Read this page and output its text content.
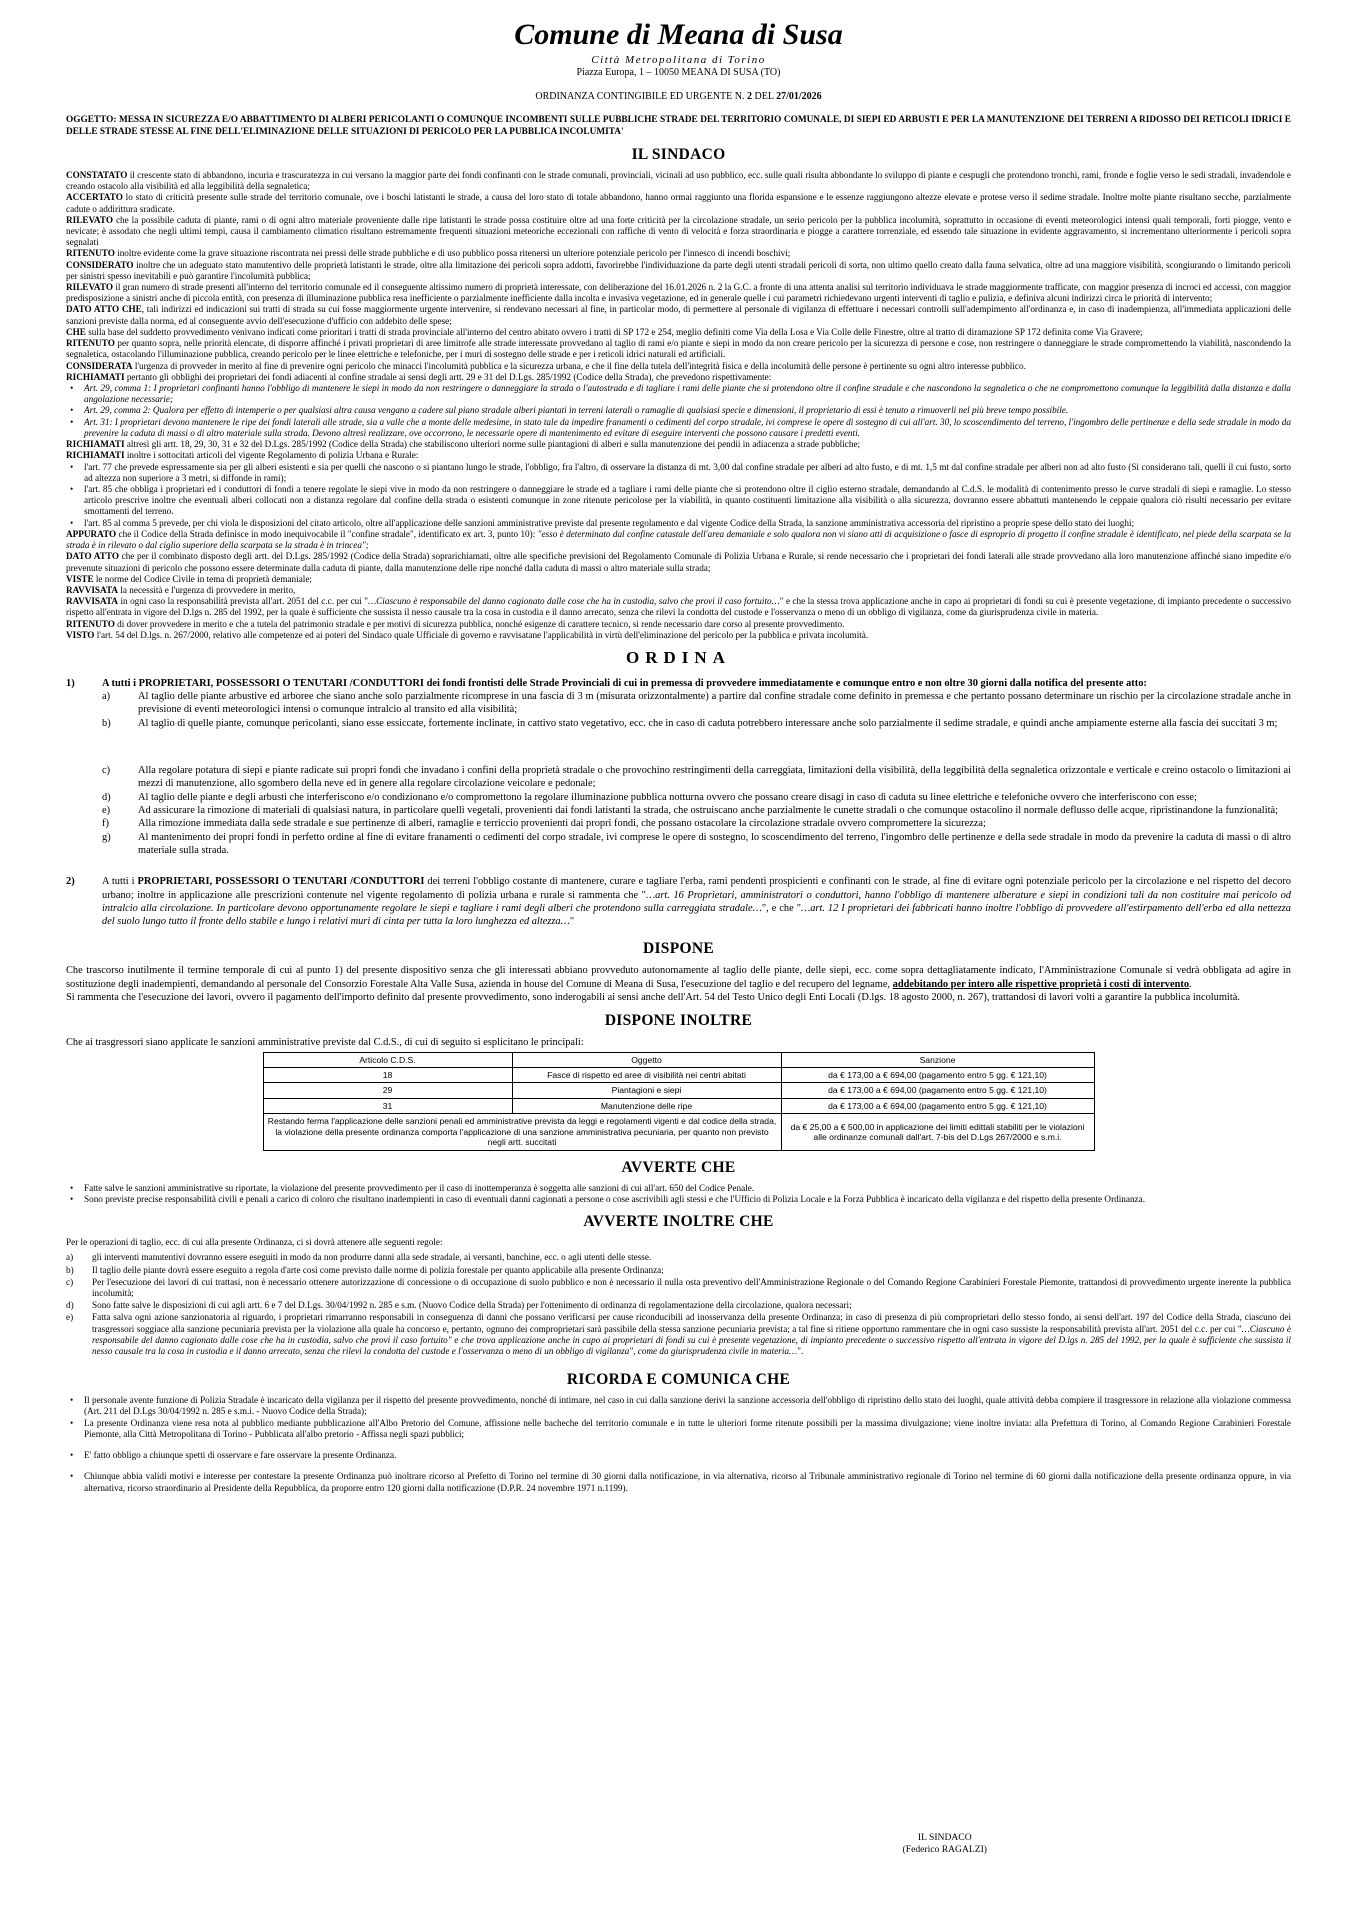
Comune di Meana di Susa
Città Metropolitana di Torino
Piazza Europa, 1 – 10050 MEANA DI SUSA (TO)
ORDINANZA CONTINGIBILE ED URGENTE N. 2 DEL 27/01/2026
OGGETTO: MESSA IN SICUREZZA E/O ABBATTIMENTO DI ALBERI PERICOLANTI O COMUNQUE INCOMBENTI SULLE PUBBLICHE STRADE DEL TERRITORIO COMUNALE, DI SIEPI ED ARBUSTI E PER LA MANUTENZIONE DEI TERRENI A RIDOSSO DEI RETICOLI IDRICI E DELLE STRADE STESSE AL FINE DELL'ELIMINAZIONE DELLE SITUAZIONI DI PERICOLO PER LA PUBBLICA INCOLUMITA'
IL SINDACO

CONSTATATO il crescente stato di abbandono, incuria e trascuratezza in cui versano la maggior parte dei fondi confinanti con le strade comunali, provinciali, vicinali ad uso pubblico, ecc. sulle quali risulta abbondante lo sviluppo di piante e cespugli che protendono tronchi, rami, fronde e foglie verso le sedi stradali, invadendole e creando ostacolo alla visibilità ed alla leggibilità della segnaletica;

ACCERTATO lo stato di criticità presente sulle strade del territorio comunale, ove i boschi latistanti le strade, a causa del loro stato di totale abbandono, hanno ormai raggiunto una florida espansione e le essenze raggiungono altezze elevate e protese verso il sedime stradale. Inoltre molte piante risultano secche, parzialmente cadute o addirittura sradicate.

RILEVATO che la possibile caduta di piante, rami o di ogni altro materiale proveniente dalle ripe latistanti le strade possa costituire oltre ad una forte criticità per la circolazione stradale, un serio pericolo per la pubblica incolumità, soprattutto in occasione di eventi meteorologici intensi quali temporali, forti piogge, vento e nevicate; è assodato che negli ultimi tempi, causa il cambiamento climatico risultano estremamente frequenti situazioni meteoriche eccezionali con raffiche di vento di velocità e forza straordinaria e piogge a carattere torrenziale, ed essendo tale situazione in evidente aggravamento, si incrementano ulteriormente i pericoli sopra segnalati

RITENUTO inoltre evidente come la grave situazione riscontrata nei pressi delle strade pubbliche e di uso pubblico possa ritenersi un ulteriore potenziale pericolo per l'innesco di incendi boschivi;

CONSIDERATO inoltre che un adeguato stato manutentivo delle proprietà latistanti le strade, oltre alla limitazione dei pericoli sopra addotti, favorirebbe l'individuazione da parte degli utenti stradali pericoli di sorta, non ultimo quello creato dalla fauna selvatica, oltre ad una maggiore visibilità, scongiurando o limitando pericoli per sinistri spesso inevitabili e può garantire l'incolumità pubblica;

RILEVATO il gran numero di strade presenti all'interno del territorio comunale ed il conseguente altissimo numero di proprietà interessate, con deliberazione del 16.01.2026 n. 2 la G.C. a fronte di una attenta analisi sul territorio individuava le strade maggiormente trafficate, con maggior presenza di incroci ed accessi, con maggior predisposizione a sinistri anche di piccola entità, con presenza di illuminazione pubblica resa inefficiente o parzialmente inefficiente dalla incolta e invasiva vegetazione, ed in generale quelle i cui parametri richiedevano urgenti interventi di taglio e pulizia, e definiva alcuni indirizzi circa le priorità di intervento;

DATO ATTO CHE, tali indirizzi ed indicazioni sui tratti di strada su cui fosse maggiormente urgente intervenire, si rendevano necessari al fine, in particolar modo, di permettere al personale di vigilanza di effettuare i necessari controlli sull'adempimento all'ordinanza e, in caso di inadempienza, all'immediata applicazioni delle sanzioni previste dalla norma, ed al conseguente avvio dell'esecuzione d'ufficio con addebito delle spese;

CHE sulla base del suddetto provvedimento venivano indicati come prioritari i tratti di strada provinciale all'interno del centro abitato ovvero i tratti di SP 172 e 254, meglio definiti come Via della Losa e Via Colle delle Finestre, oltre al tratto di diramazione SP 172 definita come Via Gravere;

RITENUTO per quanto sopra, nelle priorità elencate, di disporre affinché i privati proprietari di aree limitrofe alle strade interessate provvedano al taglio di rami e/o piante e siepi in modo da non creare pericolo per la sicurezza di persone e cose, non restringere o danneggiare le strade compromettendo la viabilità, nascondendo la segnaletica, ostacolando l'illuminazione pubblica, creando pericolo per le linee elettriche e telefoniche, per i muri di sostegno delle strade e per i reticoli idrici naturali ed artificiali.

CONSIDERATA l'urgenza di provveder in merito al fine di prevenire ogni pericolo che minacci l'incolumità pubblica e la sicurezza urbana, e che il fine della tutela dell'integrità fisica e della incolumità delle persone è pertinente su ogni altro interesse pubblico.

RICHIAMATI pertanto gli obblighi dei proprietari dei fondi adiacenti al confine stradale ai sensi degli artt. 29 e 31 del D.Lgs. 285/1992 (Codice della Strada), che prevedono rispettivamente:

• Art. 29, comma 1: I proprietari confinanti hanno l'obbligo di mantenere le siepi in modo da non restringere o danneggiare la strada o l'autostrada e di tagliare i rami delle piante che si protendono oltre il confine stradale e che nascondono la segnaletica o che ne compromettono comunque la leggibilità dalla distanza e dalla angolazione necessarie;
• Art. 29, comma 2: Qualora per effetto di intemperie o per qualsiasi altra causa vengano a cadere sul piano stradale alberi piantati in terreni laterali o ramaglie di qualsiasi specie e dimensioni, il proprietario di essi è tenuto a rimuoverli nel più breve tempo possibile.
• Art. 31: I proprietari devono mantenere le ripe dei fondi laterali alle strade, sia a valle che a monte delle medesime, in stato tale da impedire franamenti o cedimenti del corpo stradale, ivi comprese le opere di sostegno di cui all'art. 30, lo scoscendimento del terreno, l'ingombro delle pertinenze e della sede stradale in modo da prevenire la caduta di massi o di altro materiale sulla strada. Devono altresì realizzare, ove occorrono, le necessarie opere di mantenimento ed evitare di eseguire interventi che possono causare i predetti eventi.

RICHIAMATI altresì gli artt. 18, 29, 30, 31 e 32 del D.Lgs. 285/1992 (Codice della Strada) che stabiliscono ulteriori norme sulle piantagioni di alberi e sulla manutenzione dei pendii in adiacenza a strade pubbliche;

RICHIAMATI inoltre i sottocitati articoli del vigente Regolamento di polizia Urbana e Rurale:

• l'art. 77 che prevede espressamente sia per gli alberi esistenti e sia per quelli che nascono o si piantano lungo le strade, l'obbligo, fra l'altro, di osservare la distanza di mt. 3,00 dal confine stradale per alberi ad alto fusto, e di mt. 1,5 mt dal confine stradale per alberi non ad alto fusto (Si considerano tali, quelli il cui fusto, sorto ad altezza non superiore a 3 metri, si diffonde in rami);
• l'art. 85 che obbliga i proprietari ed i conduttori di fondi a tenere regolate le siepi vive in modo da non restringere o danneggiare le strade ed a tagliare i rami delle piante che si protendono oltre il ciglio esterno stradale, demandando al C.d.S. le modalità di contenimento presso le curve stradali di siepi e ramaglie. Lo stesso articolo prescrive inoltre che eventuali alberi collocati non a distanza regolare dal confine della strada o esistenti comunque in zone ritenute pericolose per la viabilità, in quanto costituenti limitazione alla visibilità o alla sicurezza, dovranno essere abbattuti mantenendo le ceppaie qualora ciò risulti necessario per evitare smottamenti del terreno.
• l'art. 85 al comma 5 prevede, per chi viola le disposizioni del citato articolo, oltre all'applicazione delle sanzioni amministrative previste dal presente regolamento e dal vigente Codice della Strada, la sanzione amministrativa accessoria del ripristino a proprie spese dello stato dei luoghi;

APPURATO che il Codice della Strada definisce in modo inequivocabile il "confine stradale", identificato ex art. 3, punto 10): "esso è determinato dal confine catastale dell'area demaniale e solo qualora non vi siano atti di acquisizione o fasce di esproprio di progetto il confine stradale è identificato, nel piede della scarpata se la strada è in rilevato o dal ciglio superiore della scarpata se la strada è in trincea";

DATO ATTO che per il combinato disposto degli artt. del D.Lgs. 285/1992 (Codice della Strada) soprarichiamati, oltre alle specifiche previsioni del Regolamento Comunale di Polizia Urbana e Rurale, si rende necessario che i proprietari dei fondi laterali alle strade provvedano alla loro manutenzione affinché siano impedite e/o prevenute situazioni di pericolo che possono essere determinate dalla caduta di piante, dalla manutenzione delle ripe nonché dalla caduta di massi o altro materiale sulla strada;

VISTE le norme del Codice Civile in tema di proprietà demaniale;

RAVVISATA la necessità e l'urgenza di provvedere in merito,

RAVVISATA in ogni caso la responsabilità prevista all'art. 2051 del c.c. per cui "…Ciascuno è responsabile del danno cagionato dalle cose che ha in custodia, salvo che provi il caso fortuito…" e che la stessa trova applicazione anche in capo ai proprietari di fondi su cui è presente vegetazione, di impianto precedente o successivo rispetto all'entrata in vigore del D.lgs n. 285 del 1992, per la quale è sufficiente che sussista il nesso causale tra la cosa in custodia e il danno arrecato, senza che rilevi la condotta del custode e l'osservanza o meno di un obbligo di vigilanza, come da giurisprudenza civile in materia.

RITENUTO di dover provvedere in merito e che a tutela del patrimonio stradale e per motivi di sicurezza pubblica, nonché esigenze di carattere tecnico, si rende necessario dare corso al presente provvedimento.

VISTO l'art. 54 del D.lgs. n. 267/2000, relativo alle competenze ed ai poteri del Sindaco quale Ufficiale di governo e ravvisatane l'applicabilità in virtù dell'eliminazione del pericolo per la pubblica e privata incolumità.

ORDINA
1)	A tutti i PROPRIETARI, POSSESSORI O TENUTARI /CONDUTTORI dei fondi frontisti delle Strade Provinciali di cui in premessa di provvedere immediatamente e comunque entro e non oltre 30 giorni dalla notifica del presente atto:
a)	Al taglio delle piante arbustive ed arboree che siano anche solo parzialmente ricomprese in una fascia di 3 m (misurata orizzontalmente) a partire dal confine stradale come definito in premessa e che pertanto possano determinare un rischio per la circolazione stradale anche in previsione di eventi meteorologici intensi o comunque intralcio al transito ed alla visibilità;
b)	Al taglio di quelle piante, comunque pericolanti, siano esse essiccate, fortemente inclinate, in cattivo stato vegetativo, ecc. che in caso di caduta potrebbero interessare anche solo parzialmente il sedime stradale, e quindi anche ampiamente esterne alla fascia dei succitati 3 m;
c)	Alla regolare potatura di siepi e piante radicate sui propri fondi che invadano i confini della proprietà stradale o che provochino restringimenti della carreggiata, limitazioni della visibilità, della leggibilità della segnaletica orizzontale e verticale e creino ostacolo o limitazioni ai mezzi di manutenzione, allo sgombero della neve ed in genere alla regolare circolazione veicolare e pedonale;
d)	Al taglio delle piante e degli arbusti che interferiscono e/o condizionano e/o compromettono la regolare illuminazione pubblica notturna ovvero che possano creare disagi in caso di caduta su linee elettriche e telefoniche ovvero che interferiscono con esse;
e)	Ad assicurare la rimozione di materiali di qualsiasi natura, in particolare quelli vegetali, provenienti dai fondi latistanti la strada, che ostruiscano anche parzialmente le cunette stradali o che comunque ostacolino il normale deflusso delle acque, ripristinandone la funzionalità;
f)	Alla rimozione immediata dalla sede stradale e sue pertinenze di alberi, ramaglie e terriccio provenienti dai propri fondi, che possano ostacolare la circolazione stradale ovvero compromettere la sicurezza;
g)	Al mantenimento dei propri fondi in perfetto ordine al fine di evitare franamenti o cedimenti del corpo stradale, ivi comprese le opere di sostegno, lo scoscendimento del terreno, l'ingombro delle pertinenze e della sede stradale in modo da prevenire la caduta di massi o di altro materiale sulla strada.
2)	A tutti i PROPRIETARI, POSSESSORI O TENUTARI /CONDUTTORI dei terreni l'obbligo costante di mantenere, curare e tagliare l'erba, rami pendenti prospicienti e confinanti con le strade, al fine di evitare ogni potenziale pericolo per la circolazione e nel rispetto del decoro urbano; inoltre in applicazione alle prescrizioni contenute nel vigente regolamento di polizia urbana e rurale si rammenta che "…art. 16 Proprietari, amministratori o conduttori, hanno l'obbligo di mantenere alberature e siepi in condizioni tali da non costituire mai pericolo od intralcio alla circolazione. In particolare devono opportunamente regolare le siepi e tagliare i rami degli alberi che protendono sulla carreggiata stradale…", e che "…art. 12 I proprietari dei fabbricati hanno inoltre l'obbligo di provvedere all'estirpamento dell'erba ed alla nettezza del suolo lungo tutto il fronte dello stabile e lungo i relativi muri di cinta per tutta la loro lunghezza ed altezza…"
DISPONE

Che trascorso inutilmente il termine temporale di cui al punto 1) del presente dispositivo senza che gli interessati abbiano provveduto autonomamente al taglio delle piante, delle siepi, ecc. come sopra dettagliatamente indicato, l'Amministrazione Comunale si vedrà obbligata ad agire in sostituzione degli inadempienti, demandando al personale del Consorzio Forestale Alta Valle Susa, azienda in house del Comune di Meana di Susa, l'esecuzione del taglio e del recupero del legname, addebitando per intero alle rispettive proprietà i costi di intervento.

Si rammenta che l'esecuzione dei lavori, ovvero il pagamento dell'importo definito dal presente provvedimento, sono inderogabili ai sensi anche dell'Art. 54 del Testo Unico degli Enti Locali (D.lgs. 18 agosto 2000, n. 267), trattandosi di lavori volti a garantire la pubblica incolumità.

DISPONE INOLTRE

Che ai trasgressori siano applicate le sanzioni amministrative previste dal C.d.S., di cui di seguito si esplicitano le principali:

Articolo C.D.S.	Oggetto	Sanzione
18	Fasce di rispetto ed aree di visibilità nei centri abitati	da € 173,00 a € 694,00 (pagamento entro 5 gg. € 121,10)
29	Piantagioni e siepi	da € 173,00 a € 694,00 (pagamento entro 5 gg. € 121,10)
31	Manutenzione delle ripe	da € 173,00 a € 694,00 (pagamento entro 5 gg. € 121,10)
Restando ferma l'applicazione delle sanzioni penali ed amministrative prevista da leggi e regolamenti vigenti e dal codice della strada, la violazione della presente ordinanza comporta l'applicazione di una sanzione amministrativa pecuniaria, per quanto non previsto negli artt. succitati		da € 25,00 a € 500,00 in applicazione dei limiti edittali stabiliti per le violazioni alle ordinanze comunali dall'art. 7-bis del D.Lgs 267/2000 e s.m.i.
AVVERTE CHE
• Fatte salve le sanzioni amministrative su riportate, la violazione del presente provvedimento per il caso di inottemperanza è soggetta alle sanzioni di cui all'art. 650 del Codice Penale.
• Sono previste precise responsabilità civili e penali a carico di coloro che risultano inadempienti in caso di eventuali danni cagionati a persone o cose ascrivibili agli stessi e che l'Ufficio di Polizia Locale e la Forza Pubblica è incaricato della vigilanza e del rispetto della presente Ordinanza.
AVVERTE INOLTRE CHE

Per le operazioni di taglio, ecc. di cui alla presente Ordinanza, ci si dovrà attenere alle seguenti regole:

a)	gli interventi manutentivi dovranno essere eseguiti in modo da non produrre danni alla sede stradale, ai versanti, banchine, ecc. o agli utenti delle stesse.
b)	Il taglio delle piante dovrà essere eseguito a regola d'arte così come previsto dalle norme di polizia forestale per quanto applicabile alla presente Ordinanza;
c)	Per l'esecuzione dei lavori di cui trattasi, non è necessario ottenere autorizzazione di concessione o di occupazione di suolo pubblico e non è necessario il nulla osta preventivo dell'Amministrazione Regionale o del Comando Regione Carabinieri Forestale Piemonte, trattandosi di provvedimento urgente inerente la pubblica incolumità;
d)	Sono fatte salve le disposizioni di cui agli artt. 6 e 7 del D.Lgs. 30/04/1992 n. 285 e s.m. (Nuovo Codice della Strada) per l'ottenimento di ordinanza di regolamentazione della circolazione, qualora necessari;
e)	Fatta salva ogni azione sanzionatoria al riguardo, i proprietari rimarranno responsabili in conseguenza di danni che possano verificarsi per cause riconducibili ad inosservanza della presente Ordinanza; in caso di presenza di più comproprietari dello stesso fondo, ai sensi dell'art. 197 del Codice della Strada, ciascuno dei trasgressori soggiace alla sanzione pecuniaria prevista per la violazione alla quale ha concorso e, pertanto, ognuno dei comproprietari sarà passibile della stessa sanzione pecuniaria prevista; a tal fine si ritiene opportuno rammentare che in ogni caso sussiste la responsabilità prevista all'art. 2051 del c.c. per cui "…Ciascuno è responsabile del danno cagionato dalle cose che ha in custodia, salvo che provi il caso fortuito" e che trova applicazione anche in capo ai proprietari di fondi su cui è presente vegetazione, di impianto precedente o successivo rispetto all'entrata in vigore del D.lgs n. 285 del 1992, per la quale è sufficiente che sussista il nesso causale tra la cosa in custodia e il danno arrecato, senza che rilevi la condotta del custode e l'osservanza o meno di un obbligo di vigilanza", come da giurisprudenza civile in materia…".
RICORDA E COMUNICA CHE
• Il personale avente funzione di Polizia Stradale è incaricato della vigilanza per il rispetto del presente provvedimento, nonché di intimare, nel caso in cui dalla sanzione derivi la sanzione accessoria dell'obbligo di ripristino dello stato dei luoghi, quale attività debba compiere il trasgressore in relazione alla violazione commessa (Art. 211 del D.Lgs 30/04/1992 n. 285 e s.m.i. - Nuovo Codice della Strada);
• La presente Ordinanza viene resa nota al pubblico mediante pubblicazione all'Albo Pretorio del Comune, affissione nelle bacheche del territorio comunale e in tutte le ulteriori forme ritenute possibili per la massima divulgazione; viene inoltre inviata: alla Prefettura di Torino, al Comando Regione Carabinieri Forestale Piemonte, alla Città Metropolitana di Torino - Pubblicata all'albo pretorio - Affissa negli spazi pubblici;
• E' fatto obbligo a chiunque spetti di osservare e fare osservare la presente Ordinanza.
• Chiunque abbia validi motivi e interesse per contestare la presente Ordinanza può inoltrare ricorso al Prefetto di Torino nel termine di 30 giorni dalla notificazione, in via alternativa, ricorso al Tribunale amministrativo regionale di Torino nel termine di 60 giorni dalla notificazione della presente ordinanza oppure, in via alternativa, ricorso straordinario al Presidente della Repubblica, da proporre entro 120 giorni dalla notificazione (D.P.R. 24 novembre 1971 n.1199).
IL SINDACO
(Federico RAGALZI)
